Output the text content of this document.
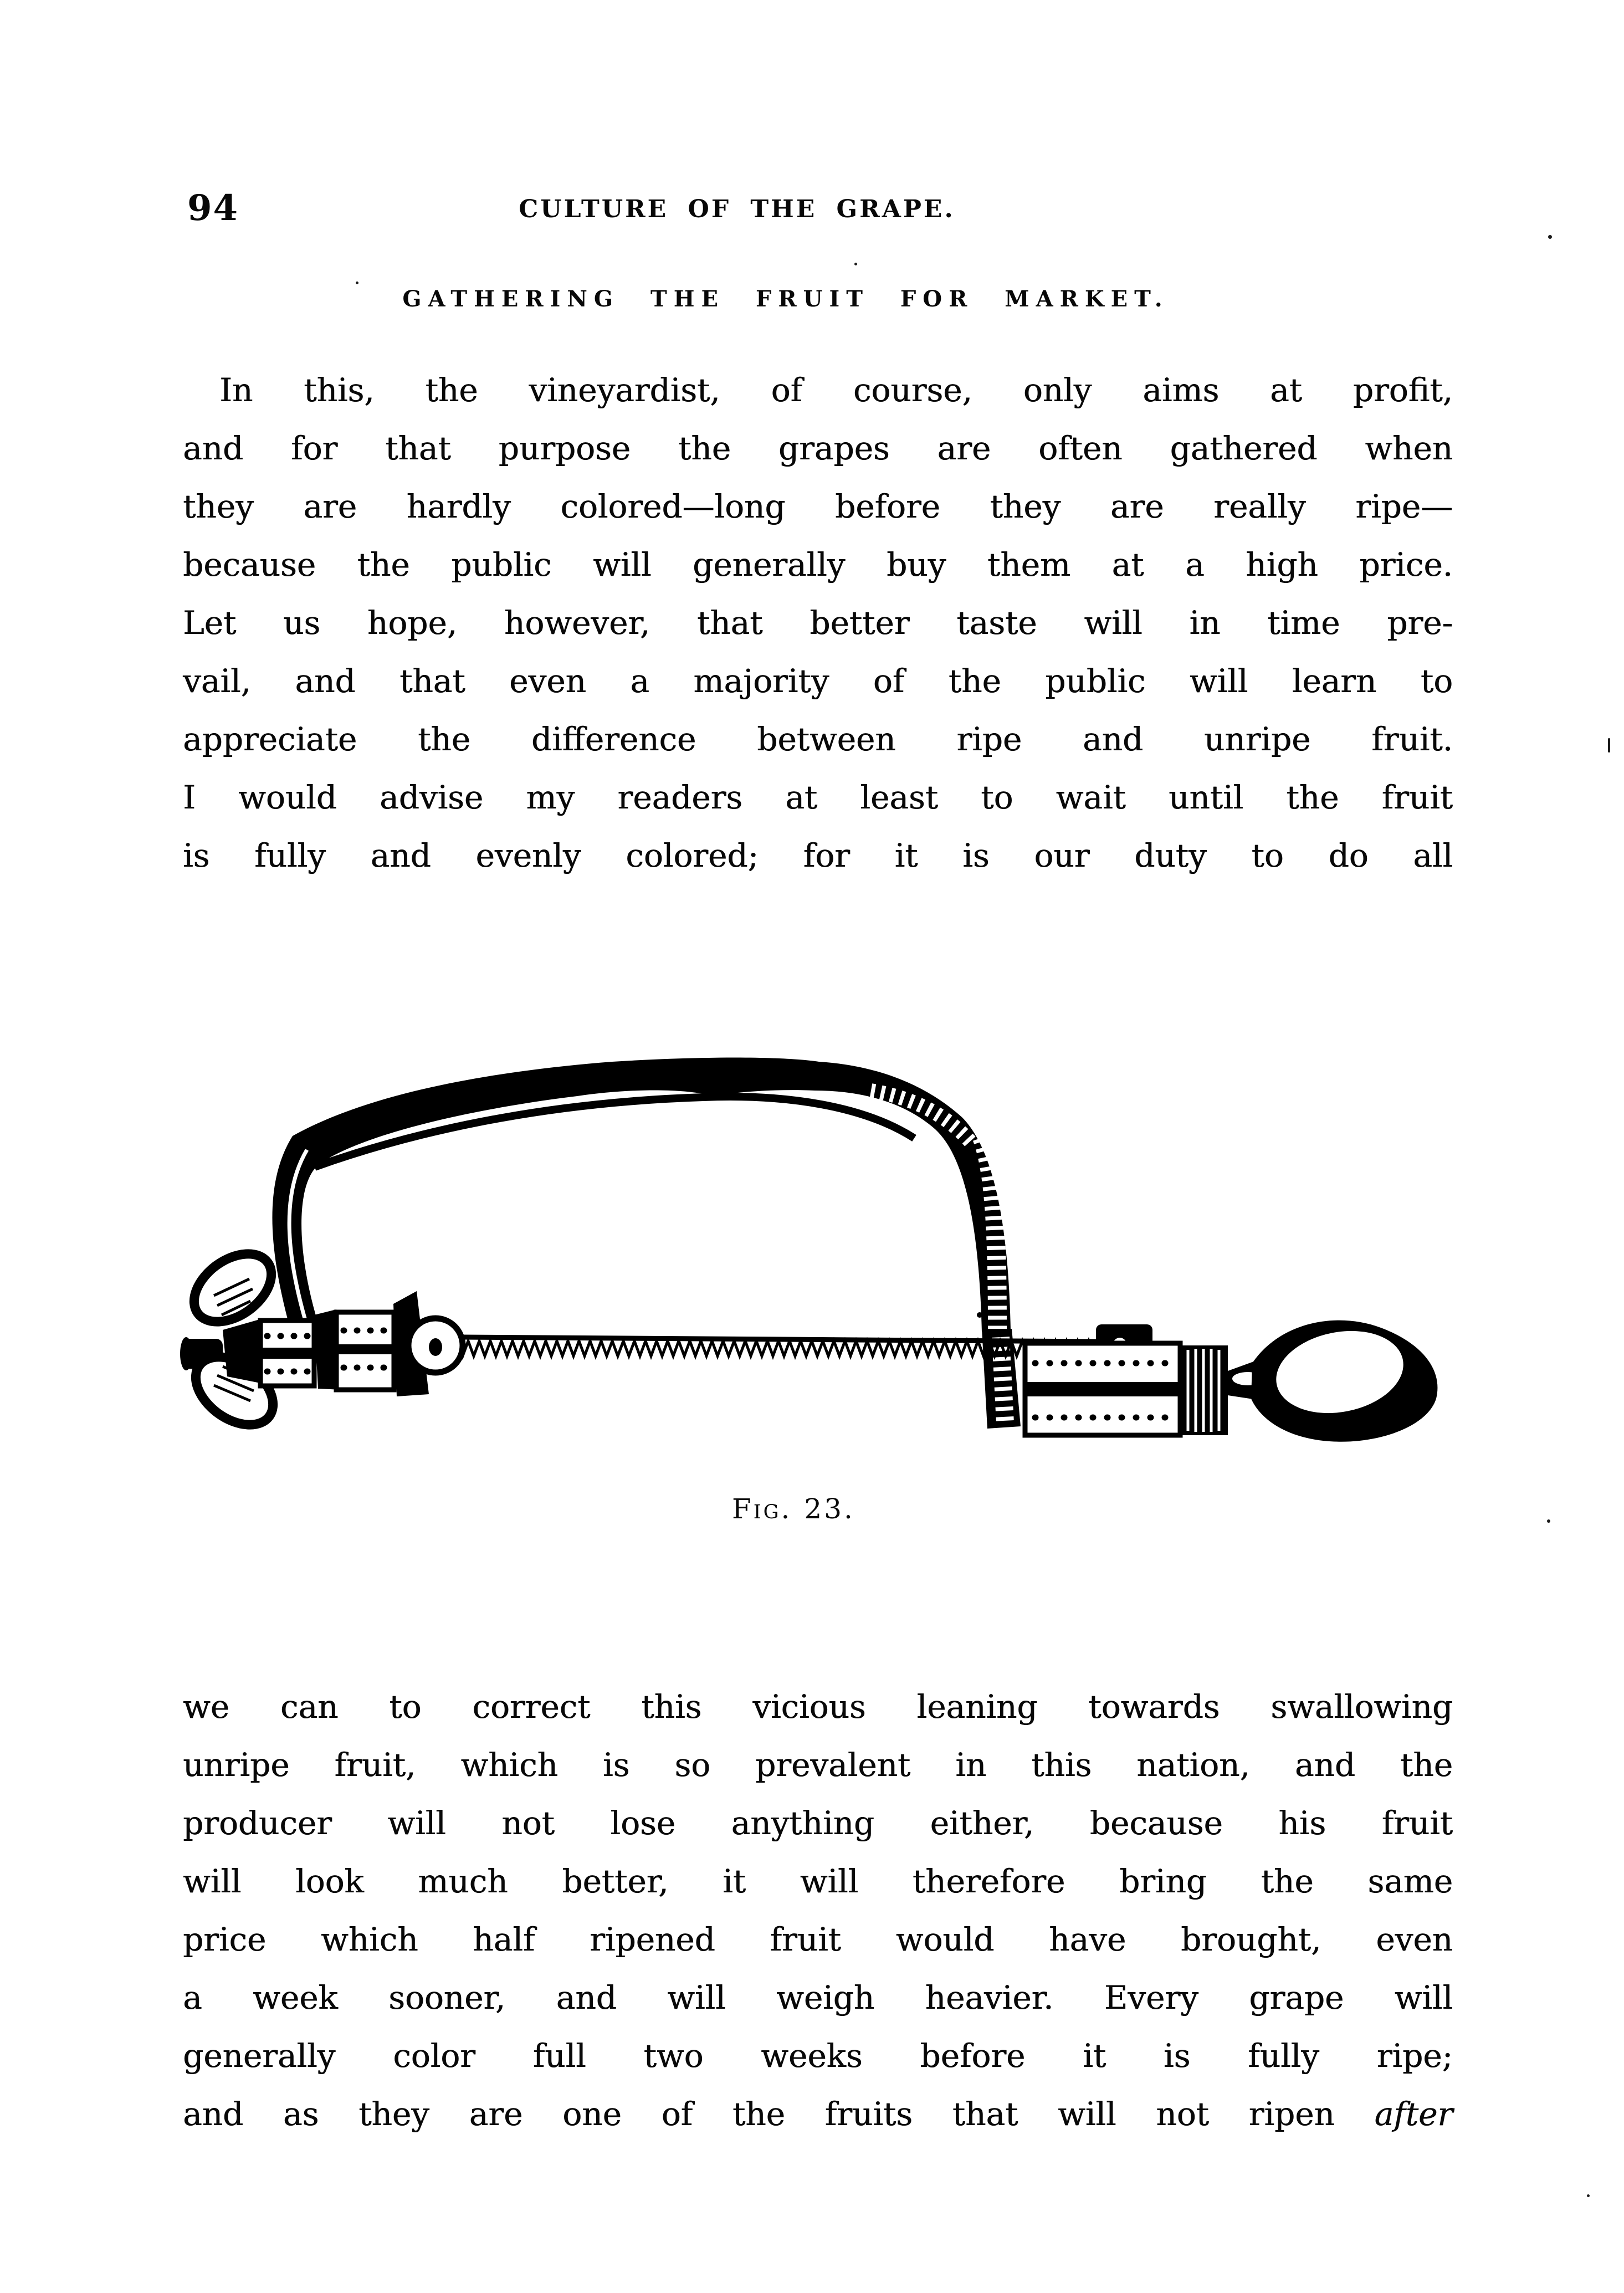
94	CULTURE OF THE GRAPE.
GATHERING THE FRUIT FOR MARKET.
In this, the vineyardist, of course, only aims at profit,
and for that purpose the grapes are often gathered when
they are hardly colored—long before they are really ripe—
because the public will generally buy them at a high price.
Let us hope, however, that better taste will in time pre-
vail, and that even a majority of the public will learn to
appreciate the difference between ripe and unripe fruit.
I would advise my readers at least to wait until the fruit
is fully and evenly colored; for it is our duty to do all
Fig. 23.
we can to correct this vicious leaning towards swallowing
unripe fruit, which is so prevalent in this nation, and the
producer will not lose anything either, because his fruit
will look much better, it will therefore bring the same
price which half ripened fruit would have brought, even
a week sooner, and will weigh heavier. Every grape will
generally color full two weeks before it is fully ripe;
and as they are one of the fruits that will not ripen after
